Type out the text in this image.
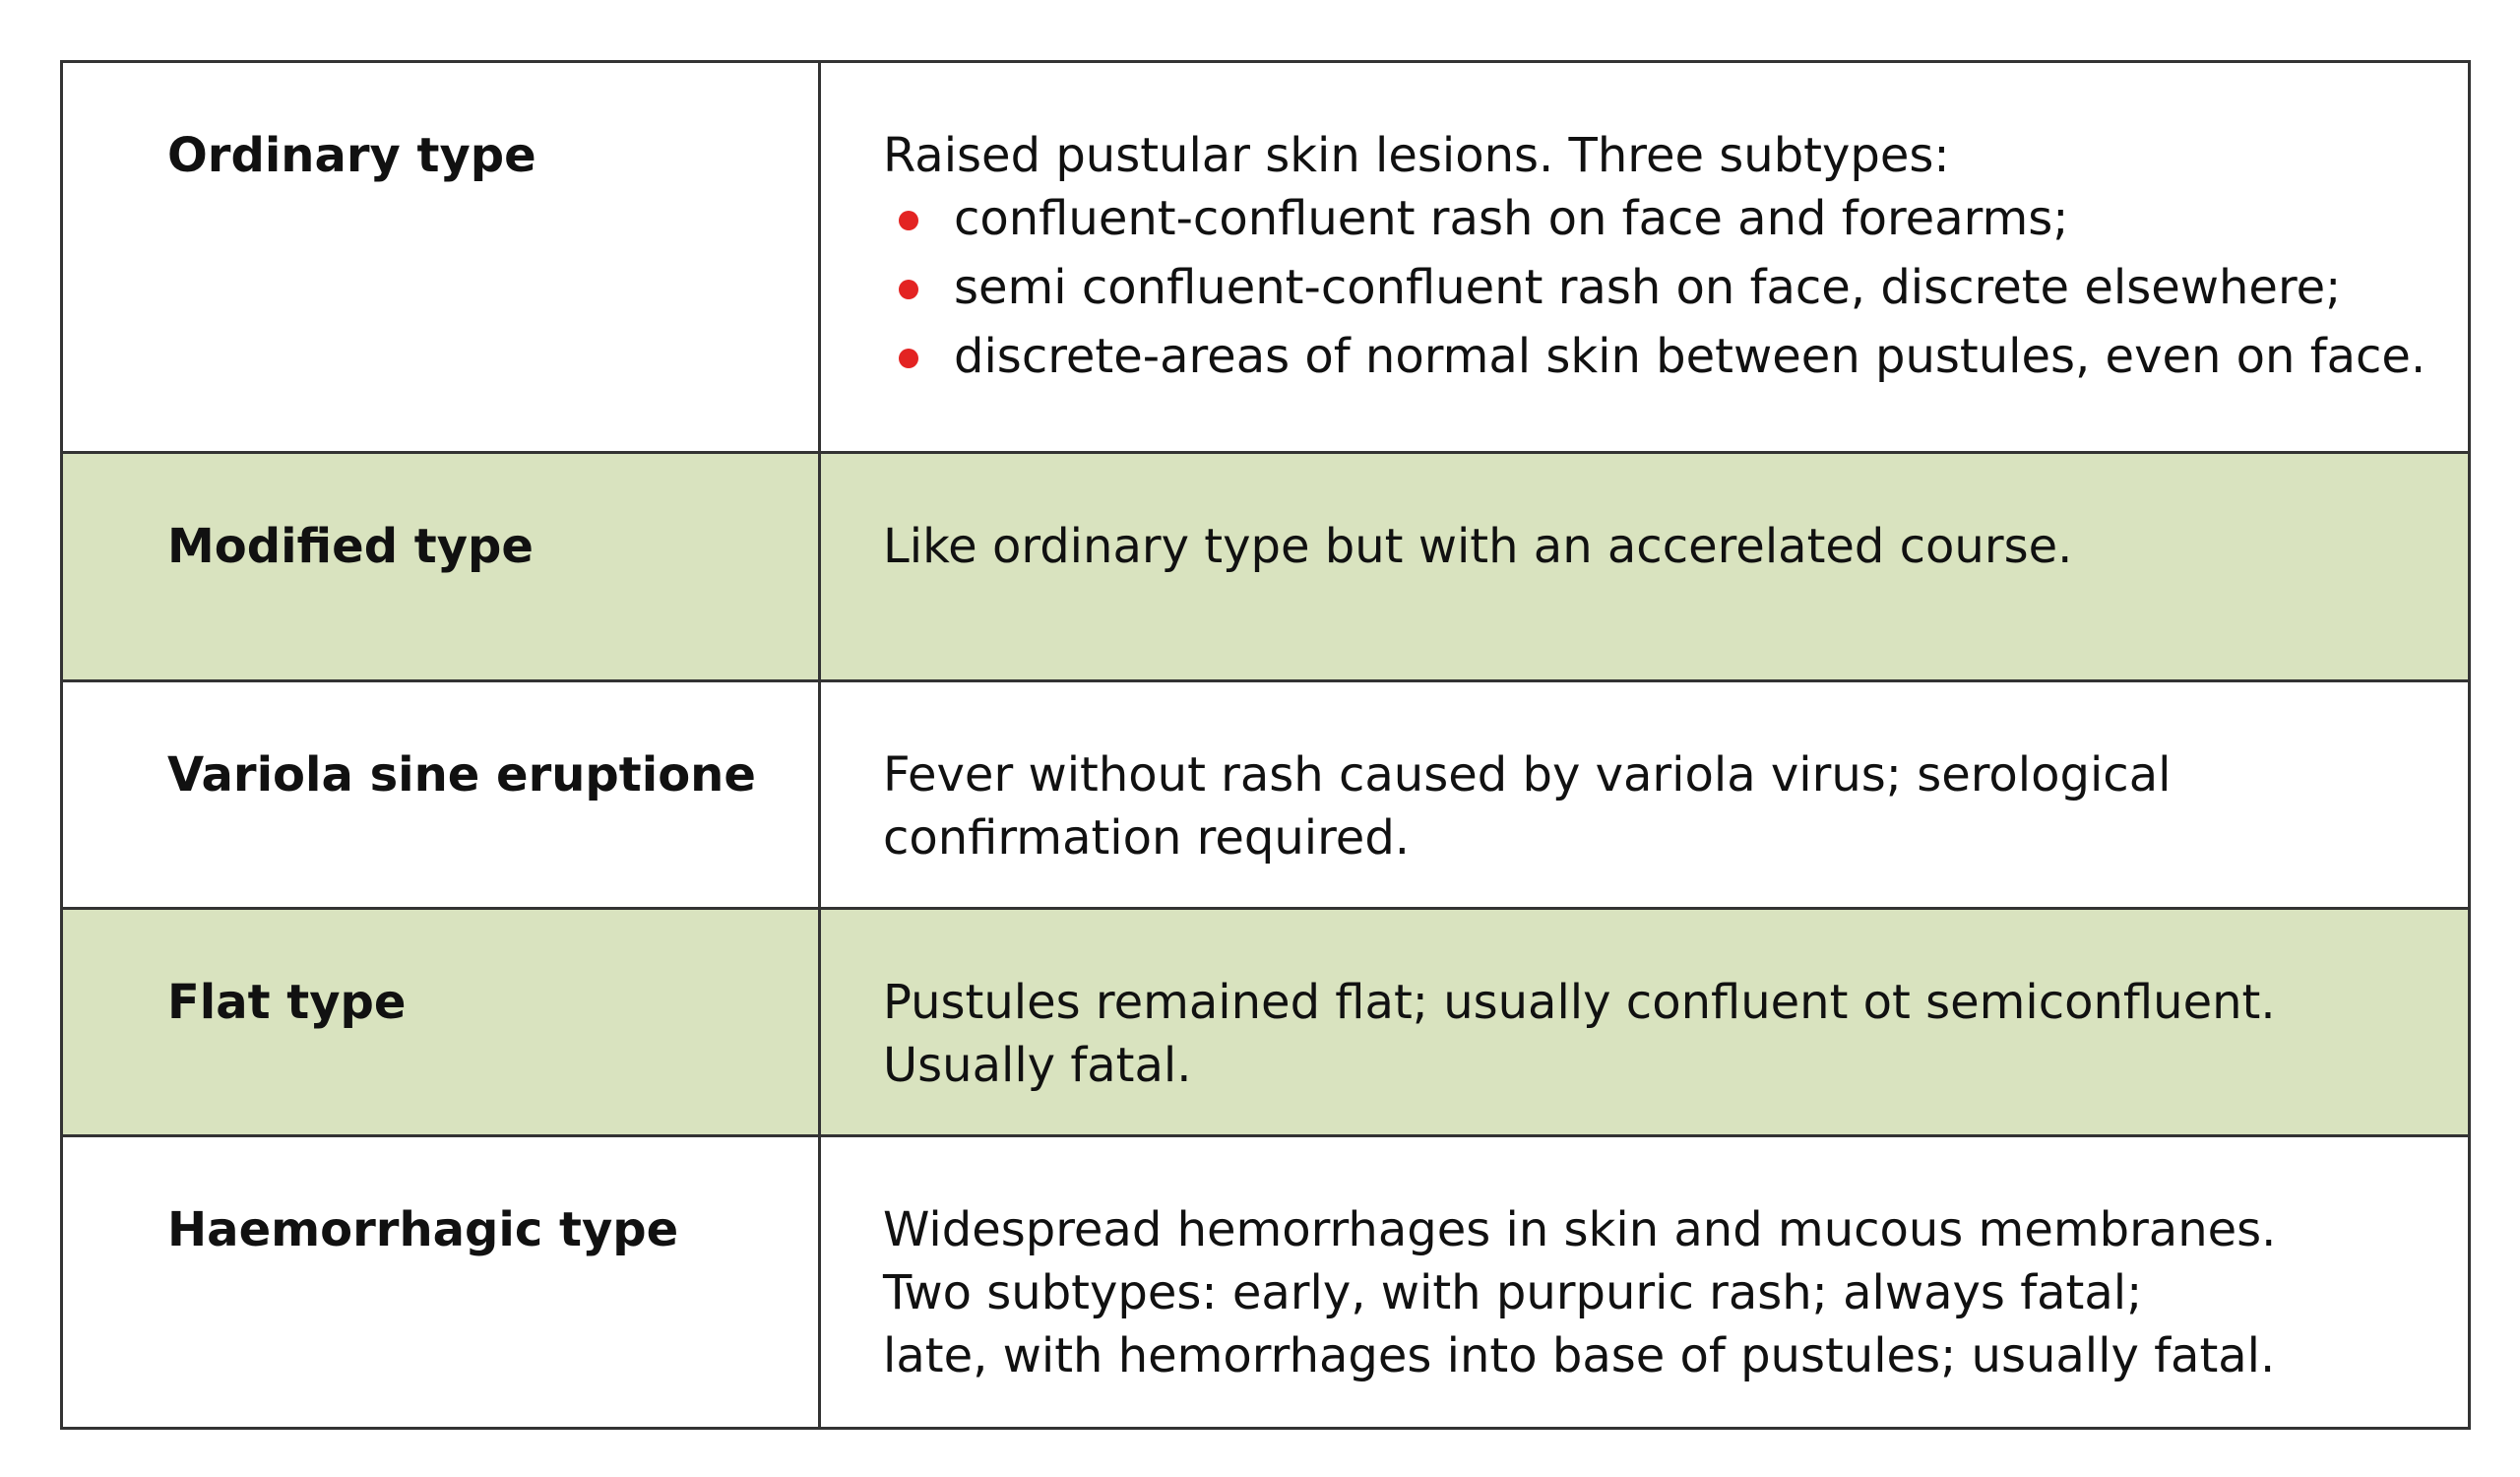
Ordinary type	Raised pustular skin lesions. Three subtypes:
confluent-confluent rash on face and forearms;
semi confluent-confluent rash on face, discrete elsewhere;
discrete-areas of normal skin between pustules, even on face.
Modified type	Like ordinary type but with an accerelated course.
Variola sine eruptione	Fever without rash caused by variola virus; serological
confirmation required.
Flat type	Pustules remained flat; usually confluent ot semiconfluent.
Usually fatal.
Haemorrhagic type	Widespread hemorrhages in skin and mucous membranes.
Two subtypes: early, with purpuric rash; always fatal;
late, with hemorrhages into base of pustules; usually fatal.
